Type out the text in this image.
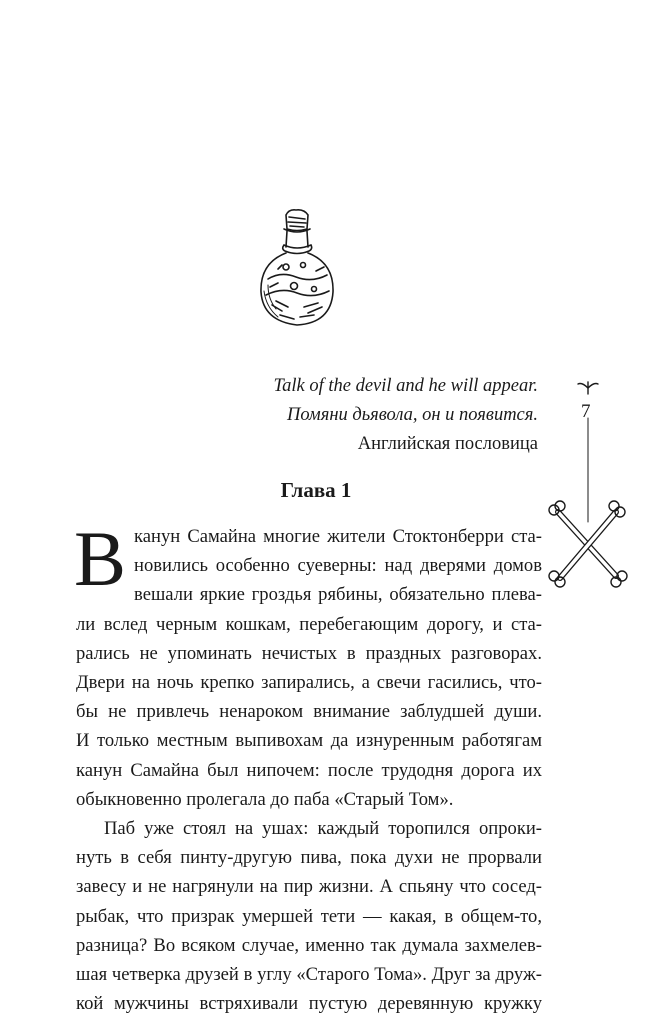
Talk of the devil and he will appear.
Помяни дьявола, он и появится.
Английская пословица
7
Глава 1
В канун Самайна многие жители Стоктонберри ста-
новились особенно суеверны: над дверями домов
вешали яркие гроздья рябины, обязательно плева-
ли вслед черным кошкам, перебегающим дорогу, и ста-
рались не упоминать нечистых в праздных разговорах.
Двери на ночь крепко запирались, а свечи гасились, что-
бы не привлечь ненароком внимание заблудшей души.
И только местным выпивохам да изнуренным работягам
канун Самайна был нипочем: после трудодня дорога их
обыкновенно пролегала до паба «Старый Том».
Паб уже стоял на ушах: каждый торопился опроки-
нуть в себя пинту-другую пива, пока духи не прорвали
завесу и не нагрянули на пир жизни. А спьяну что сосед-
рыбак, что призрак умершей тети — какая, в общем-то,
разница? Во всяком случае, именно так думала захмелев-
шая четверка друзей в углу «Старого Тома». Друг за друж-
кой мужчины встряхивали пустую деревянную кружку
